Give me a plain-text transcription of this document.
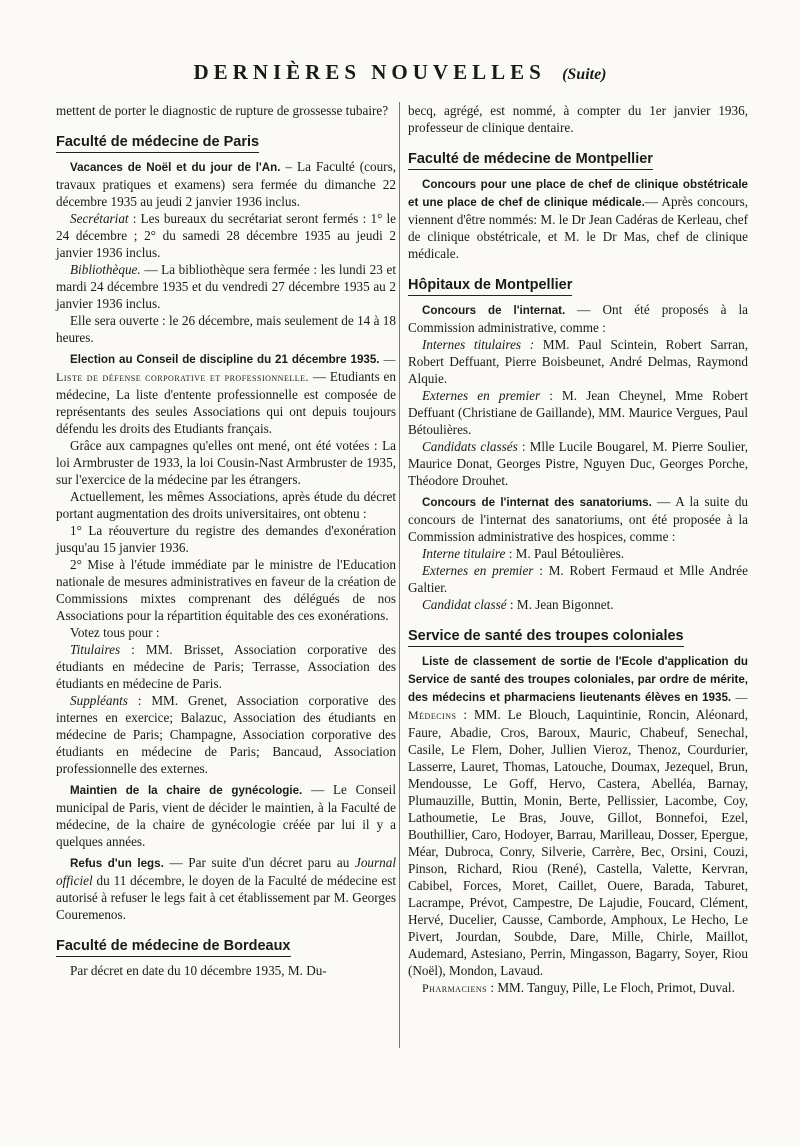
DERNIÈRES NOUVELLES (Suite)

mettent de porter le diagnostic de rupture de grossesse tubaire?

Faculté de médecine de Paris

Vacances de Noël et du jour de l'An. – La Faculté (cours, travaux pratiques et examens) sera fermée du dimanche 22 décembre 1935 au jeudi 2 janvier 1936 inclus.

Secrétariat : Les bureaux du secrétariat seront fermés : 1° le 24 décembre ; 2° du samedi 28 décembre 1935 au jeudi 2 janvier 1936 inclus.

Bibliothèque. — La bibliothèque sera fermée : les lundi 23 et mardi 24 décembre 1935 et du vendredi 27 décembre 1935 au 2 janvier 1936 inclus.

Elle sera ouverte : le 26 décembre, mais seulement de 14 à 18 heures.

Election au Conseil de discipline du 21 décembre 1935. — Liste de défense corporative et professionnelle. — Etudiants en médecine, La liste d'entente professionnelle est composée de représentants des seules Associations qui ont depuis toujours défendu les droits des Etudiants français.

Grâce aux campagnes qu'elles ont mené, ont été votées : La loi Armbruster de 1933, la loi Cousin-Nast Armbruster de 1935, sur l'exercice de la médecine par les étrangers.

Actuellement, les mêmes Associations, après étude du décret portant augmentation des droits universitaires, ont obtenu :

1° La réouverture du registre des demandes d'exonération jusqu'au 15 janvier 1936.

2° Mise à l'étude immédiate par le ministre de l'Education nationale de mesures administratives en faveur de la création de Commissions mixtes comprenant des délégués de nos Associations pour la répartition équitable des ces exonérations.

Votez tous pour :

Titulaires : MM. Brisset, Association corporative des étudiants en médecine de Paris; Terrasse, Association des étudiants en médecine de Paris.

Suppléants : MM. Grenet, Association corporative des internes en exercice; Balazuc, Association des étudiants en médecine de Paris; Champagne, Association corporative des étudiants en médecine de Paris; Bancaud, Association professionnelle des externes.

Maintien de la chaire de gynécologie. — Le Conseil municipal de Paris, vient de décider le maintien, à la Faculté de médecine, de la chaire de gynécologie créée par lui il y a quelques années.

Refus d'un legs. — Par suite d'un décret paru au Journal officiel du 11 décembre, le doyen de la Faculté de médecine est autorisé à refuser le legs fait à cet établissement par M. Georges Couremenos.

Faculté de médecine de Bordeaux

Par décret en date du 10 décembre 1935, M. Du-

becq, agrégé, est nommé, à compter du 1er janvier 1936, professeur de clinique dentaire.

Faculté de médecine de Montpellier

Concours pour une place de chef de clinique obstétricale et une place de chef de clinique médicale.— Après concours, viennent d'être nommés: M. le Dr Jean Cadéras de Kerleau, chef de clinique obstétricale, et M. le Dr Mas, chef de clinique médicale.

Hôpitaux de Montpellier

Concours de l'internat. — Ont été proposés à la Commission administrative, comme :

Internes titulaires : MM. Paul Scintein, Robert Sarran, Robert Deffuant, Pierre Boisbeunet, André Delmas, Raymond Alquie.

Externes en premier : M. Jean Cheynel, Mme Robert Deffuant (Christiane de Gaillande), MM. Maurice Vergues, Paul Bétoulières.

Candidats classés : Mlle Lucile Bougarel, M. Pierre Soulier, Maurice Donat, Georges Pistre, Nguyen Duc, Georges Porche, Théodore Drouhet.

Concours de l'internat des sanatoriums. — A la suite du concours de l'internat des sanatoriums, ont été proposée à la Commission administrative des hospices, comme :

Interne titulaire : M. Paul Bétoulières.

Externes en premier : M. Robert Fermaud et Mlle Andrée Galtier.

Candidat classé : M. Jean Bigonnet.

Service de santé des troupes coloniales

Liste de classement de sortie de l'Ecole d'application du Service de santé des troupes coloniales, par ordre de mérite, des médecins et pharmaciens lieutenants élèves en 1935. — Médecins : MM. Le Blouch, Laquintinie, Roncin, Aléonard, Faure, Abadie, Cros, Baroux, Mauric, Chabeuf, Senechal, Casile, Le Flem, Doher, Jullien Vieroz, Thenoz, Courdurier, Lasserre, Lauret, Thomas, Latouche, Doumax, Jezequel, Brun, Mendousse, Le Goff, Hervo, Castera, Abelléa, Barnay, Plumauzille, Buttin, Monin, Berte, Pellissier, Lacombe, Coy, Lathoumetie, Le Bras, Jouve, Gillot, Bonnefoi, Ezel, Bouthillier, Caro, Hodoyer, Barrau, Marilleau, Dosser, Epergue, Méar, Dubroca, Conry, Silverie, Carrère, Bec, Orsini, Couzi, Pinson, Richard, Riou (René), Castella, Valette, Kervran, Cabibel, Forces, Moret, Caillet, Ouere, Barada, Taburet, Lacrampe, Prévot, Campestre, De Lajudie, Foucard, Clément, Hervé, Ducelier, Causse, Camborde, Amphoux, Le Hecho, Le Pivert, Jourdan, Soubde, Dare, Mille, Chirle, Maillot, Audemard, Astesiano, Perrin, Mingasson, Bagarry, Soyer, Riou (Noël), Mondon, Lavaud.

Pharmaciens : MM. Tanguy, Pille, Le Floch, Primot, Duval.
